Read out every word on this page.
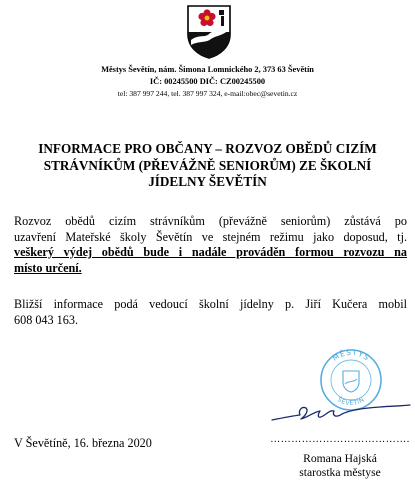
Městys Ševětín, nám. Šimona Lomnického 2, 373 63 Ševětín
IČ: 00245500 DIČ: CZ00245500
tel: 387 997 244, tel. 387 997 324, e-mail:obec@sevetin.cz
INFORMACE PRO OBČANY – ROZVOZ OBĚDŮ CIZÍM
STRÁVNÍKŮM (PŘEVÁŽNĚ SENIORŮM) ZE ŠKOLNÍ
JÍDELNY ŠEVĚTÍN
Rozvoz obědů cizím strávníkům (převážně seniorům) zůstává po
uzavření Mateřské školy Ševětín ve stejném režimu jako doposud, tj.
veškerý výdej obědů bude i nadále prováděn formou rozvozu na
místo určení.
Bližší informace podá vedoucí školní jídelny p. Jiří Kučera mobil
608 043 163.
MĚSTYS
ŠEVĚTÍN
V Ševětíně, 16. března 2020	………………………………….
Romana Hajská
starostka městyse
